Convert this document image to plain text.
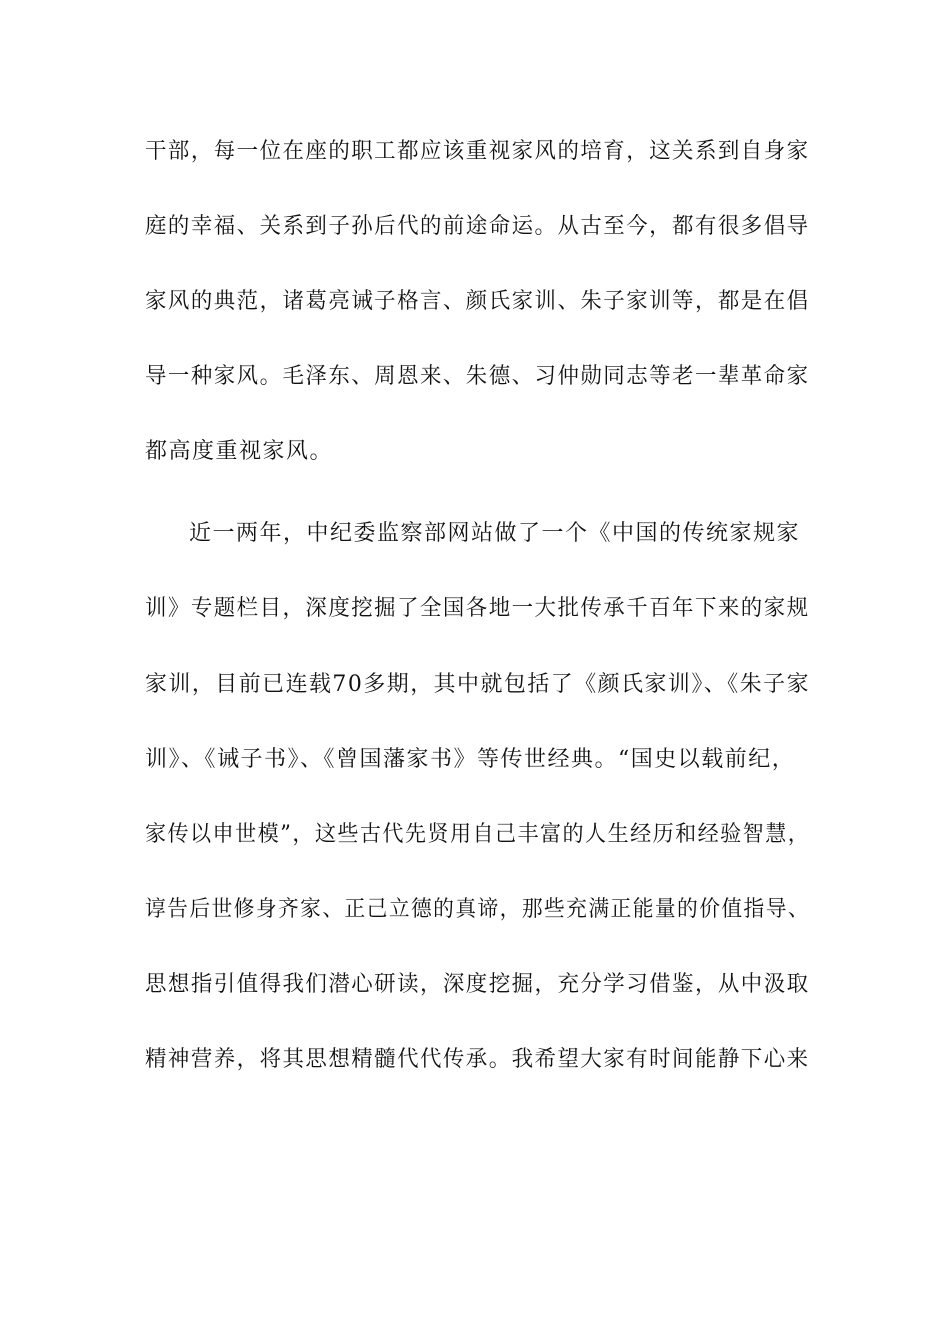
干部，每一位在座的职工都应该重视家风的培育，这关系到自身家
庭的幸福、关系到子孙后代的前途命运。从古至今，都有很多倡导
家风的典范，诸葛亮诫子格言、颜氏家训、朱子家训等，都是在倡
导一种家风。毛泽东、周恩来、朱德、习仲勋同志等老一辈革命家
都高度重视家风。
近一两年，中纪委监察部网站做了一个《中国的传统家规家
训》专题栏目，深度挖掘了全国各地一大批传承千百年下来的家规
家训，目前已连载70多期，其中就包括了《颜氏家训》、《朱子家
训》、《诫子书》、《曾国藩家书》等传世经典。“国史以载前纪，
家传以申世模”，这些古代先贤用自己丰富的人生经历和经验智慧，
谆告后世修身齐家、正己立德的真谛，那些充满正能量的价值指导、
思想指引值得我们潜心研读，深度挖掘，充分学习借鉴，从中汲取
精神营养，将其思想精髓代代传承。我希望大家有时间能静下心来
